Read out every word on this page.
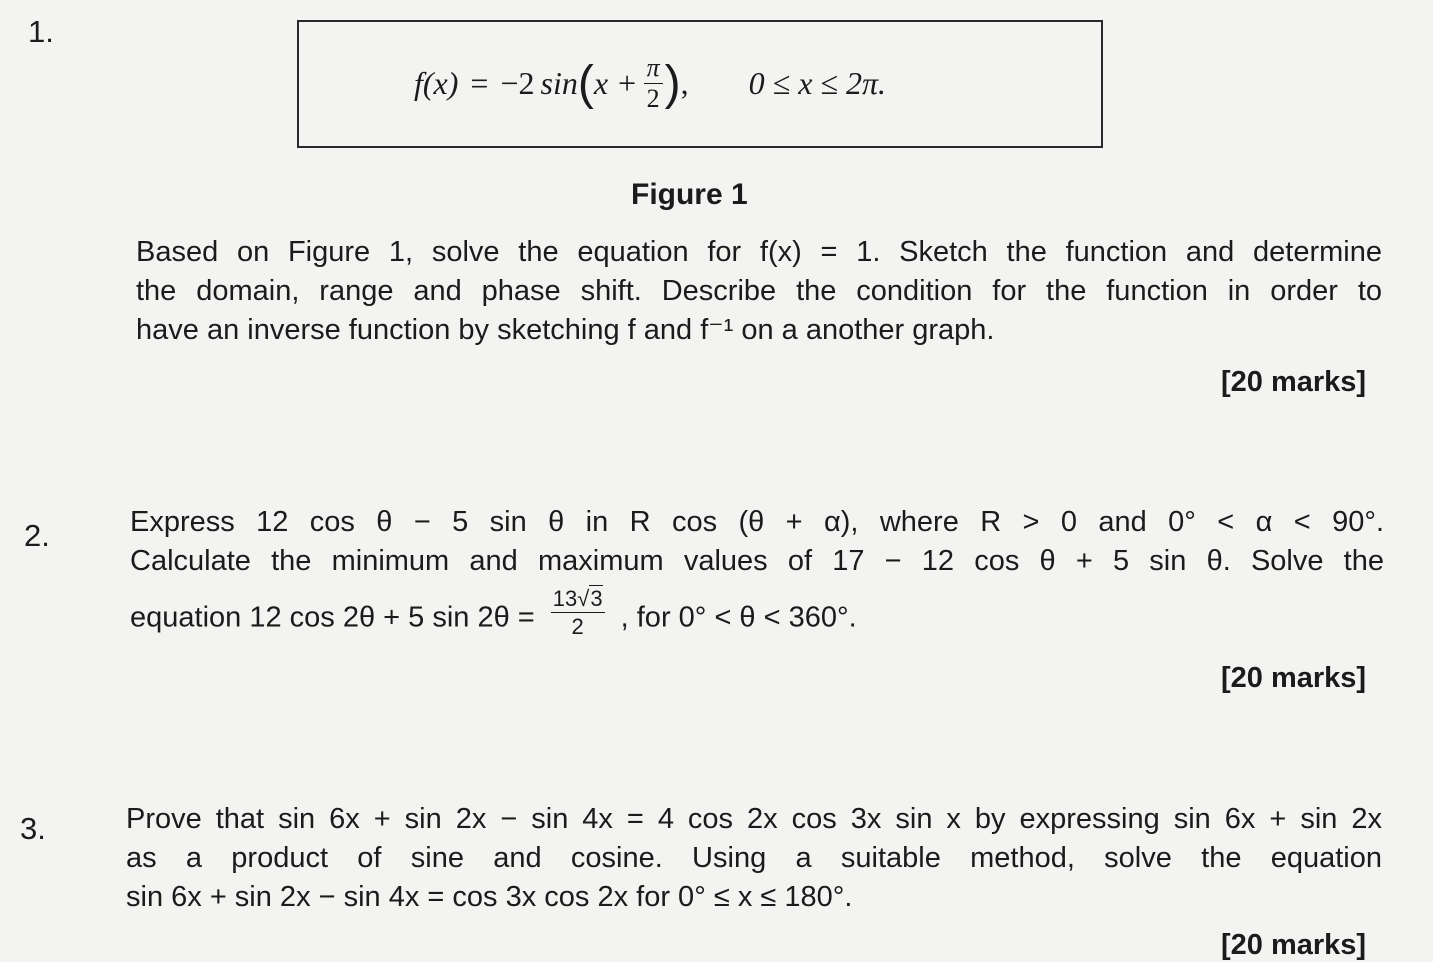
1.
f(x) = −2 sin ( $x + \frac{\pi}{2}$ ) , 0 ≤ x ≤ 2π.
Figure 1
Based on Figure 1, solve the equation for f(x) = 1. Sketch the function and determine
the domain, range and phase shift. Describe the condition for the function in order to
have an inverse function by sketching f and f⁻¹ on a another graph.
[20 marks]
2.	Express 12 cos θ − 5 sin θ in R cos (θ + α), where R > 0 and 0° < α < 90°.
Calculate the minimum and maximum values of 17 − 12 cos θ + 5 sin θ. Solve the
equation 12 cos 2θ + 5 $\sin 2\theta = \frac{13√3}{2}$ , for 0° < θ < 360°.
[20 marks]
3.	Prove that sin 6x + sin 2x − sin 4x = 4 cos 2x cos 3x sin x by expressing sin 6x + sin 2x
as a product of sine and cosine. Using a suitable method, solve the equation
sin 6x + sin 2x − sin 4x = cos 3x cos 2x for 0° ≤ x ≤ 180°.
[20 marks]
